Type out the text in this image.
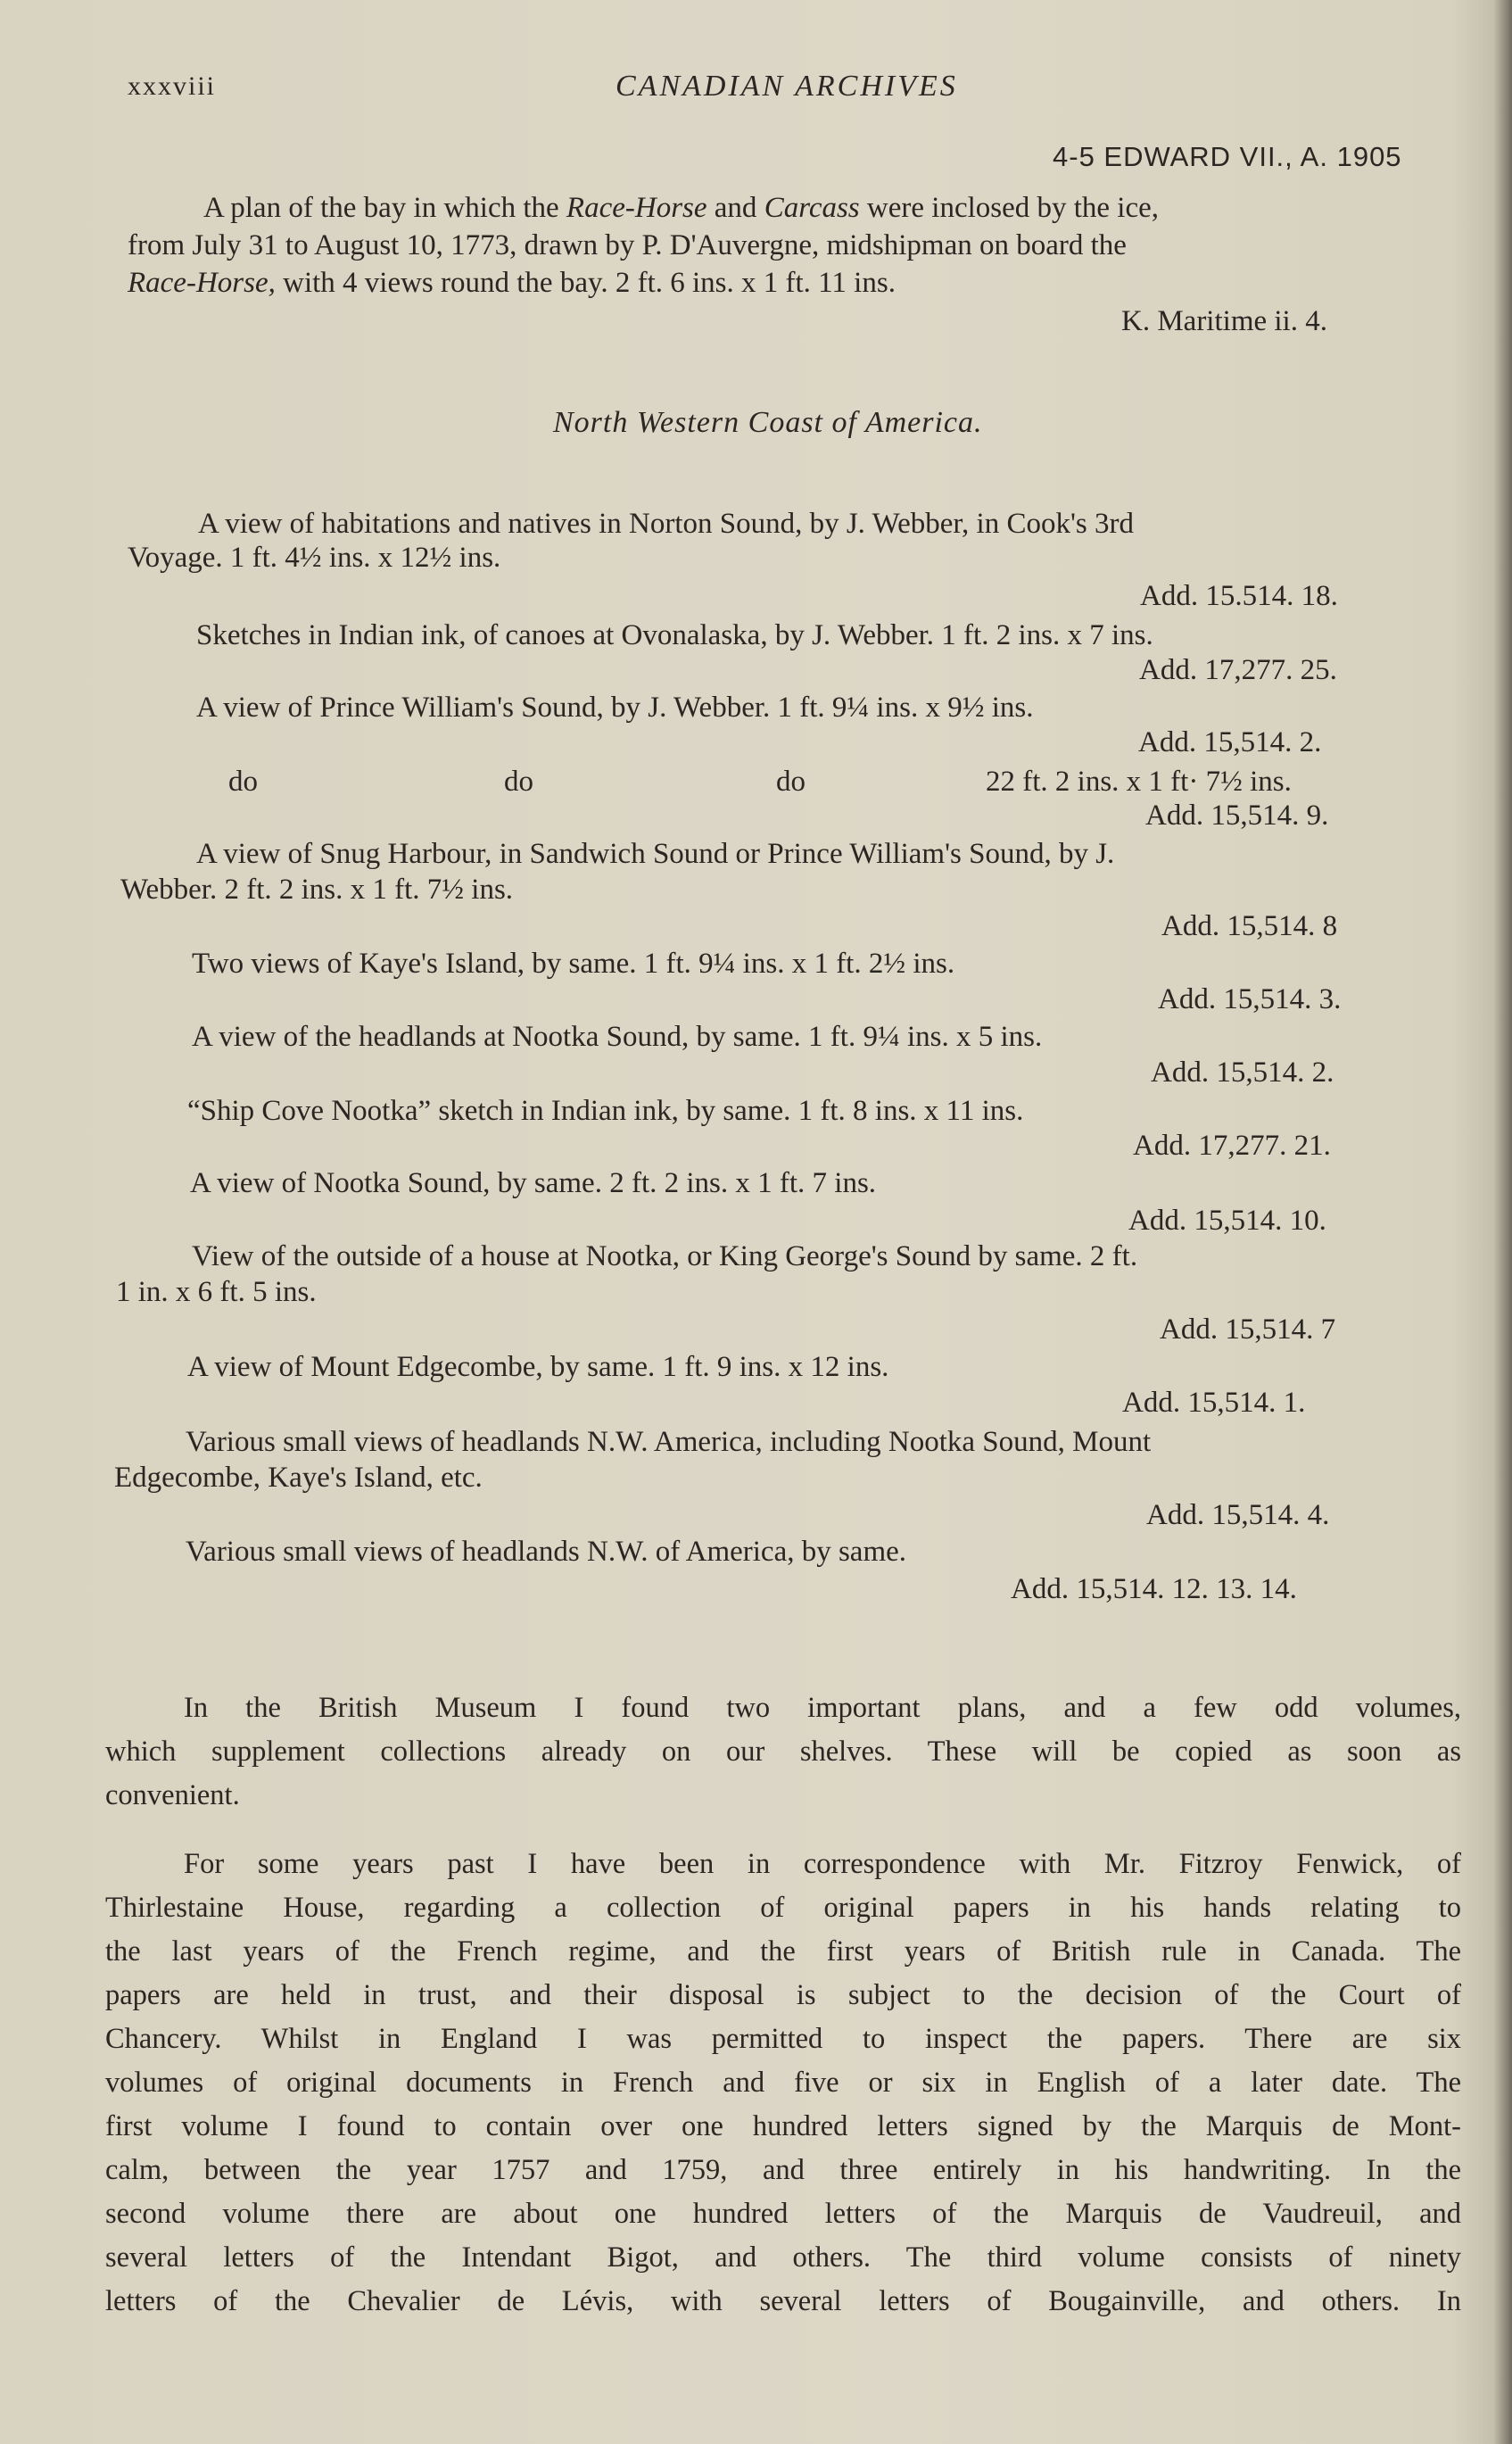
xxxviii	CANADIAN ARCHIVES
4-5 EDWARD VII., A. 1905
A plan of the bay in which the Race-Horse and Carcass were inclosed by the ice,
from July 31 to August 10, 1773, drawn by P. D'Auvergne, midshipman on board the
Race-Horse, with 4 views round the bay. 2 ft. 6 ins. x 1 ft. 11 ins.
K. Maritime ii. 4.
North Western Coast of America.
A view of habitations and natives in Norton Sound, by J. Webber, in Cook's 3rd
Voyage. 1 ft. 4½ ins. x 12½ ins.
Add. 15.514. 18.
Sketches in Indian ink, of canoes at Ovonalaska, by J. Webber. 1 ft. 2 ins. x 7 ins.
Add. 17,277. 25.
A view of Prince William's Sound, by J. Webber. 1 ft. 9¼ ins. x 9½ ins.
Add. 15,514. 2.
do	do	do	22 ft. 2 ins. x 1 ft· 7½ ins.
Add. 15,514. 9.
A view of Snug Harbour, in Sandwich Sound or Prince William's Sound, by J.
Webber. 2 ft. 2 ins. x 1 ft. 7½ ins.
Add. 15,514. 8
Two views of Kaye's Island, by same. 1 ft. 9¼ ins. x 1 ft. 2½ ins.
Add. 15,514. 3.
A view of the headlands at Nootka Sound, by same. 1 ft. 9¼ ins. x 5 ins.
Add. 15,514. 2.
“Ship Cove Nootka” sketch in Indian ink, by same. 1 ft. 8 ins. x 11 ins.
Add. 17,277. 21.
A view of Nootka Sound, by same. 2 ft. 2 ins. x 1 ft. 7 ins.
Add. 15,514. 10.
View of the outside of a house at Nootka, or King George's Sound by same. 2 ft.
1 in. x 6 ft. 5 ins.
Add. 15,514. 7
A view of Mount Edgecombe, by same. 1 ft. 9 ins. x 12 ins.
Add. 15,514. 1.
Various small views of headlands N.W. America, including Nootka Sound, Mount
Edgecombe, Kaye's Island, etc.
Add. 15,514. 4.
Various small views of headlands N.W. of America, by same.
Add. 15,514. 12. 13. 14.
In the British Museum I found two important plans, and a few odd volumes,
which supplement collections already on our shelves. These will be copied as soon as
convenient.
For some years past I have been in correspondence with Mr. Fitzroy Fenwick, of
Thirlestaine House, regarding a collection of original papers in his hands relating to
the last years of the French regime, and the first years of British rule in Canada. The
papers are held in trust, and their disposal is subject to the decision of the Court of
Chancery. Whilst in England I was permitted to inspect the papers. There are six
volumes of original documents in French and five or six in English of a later date. The
first volume I found to contain over one hundred letters signed by the Marquis de Mont-
calm, between the year 1757 and 1759, and three entirely in his handwriting. In the
second volume there are about one hundred letters of the Marquis de Vaudreuil, and
several letters of the Intendant Bigot, and others. The third volume consists of ninety
letters of the Chevalier de Lévis, with several letters of Bougainville, and others. In
